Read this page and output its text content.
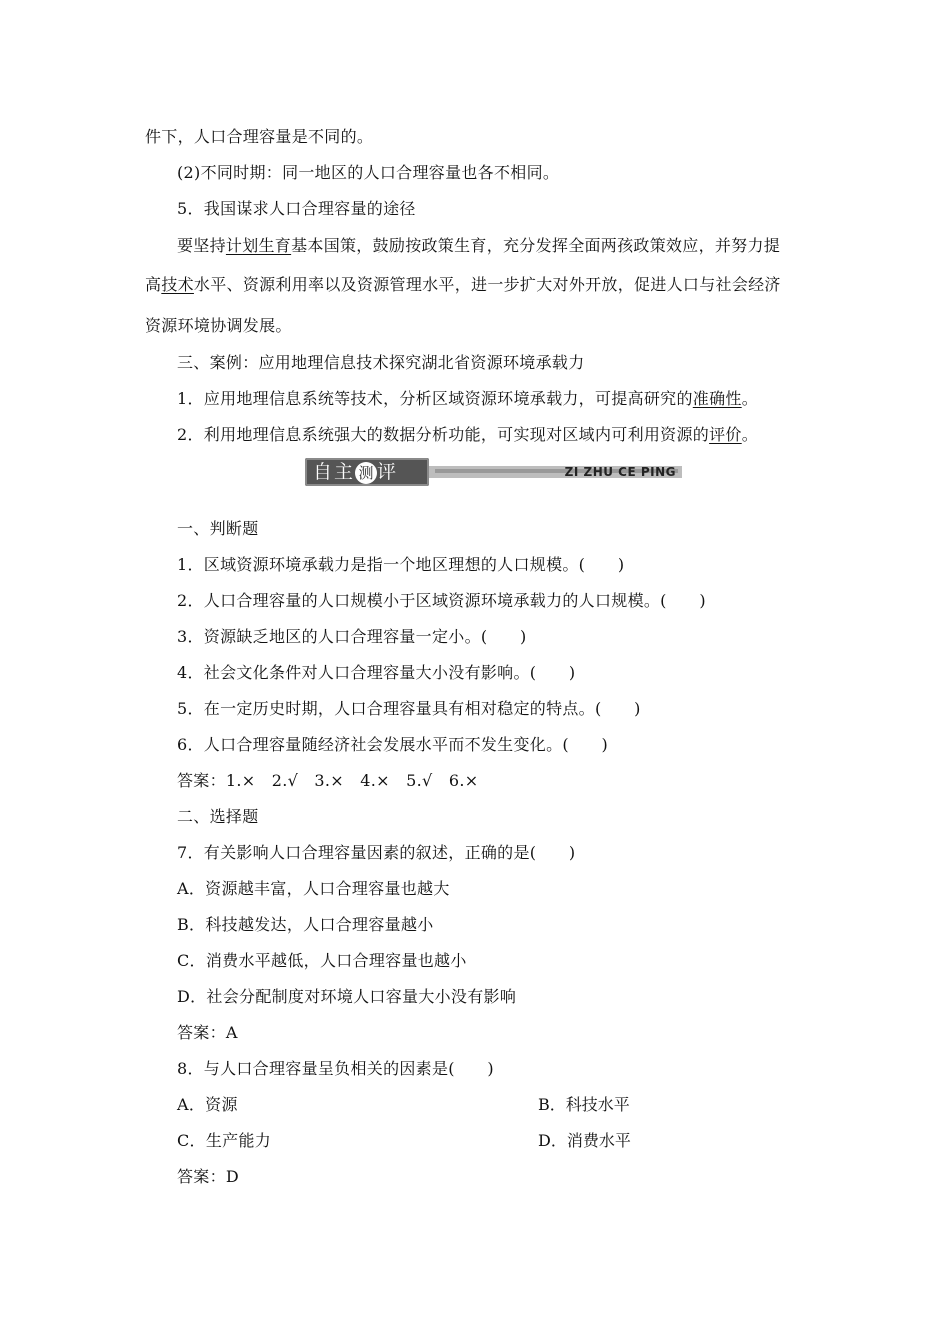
件下，人口合理容量是不同的。
(2)不同时期：同一地区的人口合理容量也各不相同。
5．我国谋求人口合理容量的途径
要坚持计划生育基本国策，鼓励按政策生育，充分发挥全面两孩政策效应，并努力提
高技术水平、资源利用率以及资源管理水平，进一步扩大对外开放，促进人口与社会经济
资源环境协调发展。
三、案例：应用地理信息技术探究湖北省资源环境承载力
1．应用地理信息系统等技术，分析区域资源环境承载力，可提高研究的准确性。
2．利用地理信息系统强大的数据分析功能，可实现对区域内可利用资源的评价。
自主 测 评	ZI ZHU CE PING
一、判断题
1．区域资源环境承载力是指一个地区理想的人口规模。(　　)
2．人口合理容量的人口规模小于区域资源环境承载力的人口规模。(　　)
3．资源缺乏地区的人口合理容量一定小。(　　)
4．社会文化条件对人口合理容量大小没有影响。(　　)
5．在一定历史时期，人口合理容量具有相对稳定的特点。(　　)
6．人口合理容量随经济社会发展水平而不发生变化。(　　)
答案：1.×　2.√　3.×　4.×　5.√　6.×
二、选择题
7．有关影响人口合理容量因素的叙述，正确的是(　　)
A．资源越丰富，人口合理容量也越大
B．科技越发达，人口合理容量越小
C．消费水平越低，人口合理容量也越小
D．社会分配制度对环境人口容量大小没有影响
答案：A
8．与人口合理容量呈负相关的因素是(　　)
A．资源	B．科技水平
C．生产能力	D．消费水平
答案：D
